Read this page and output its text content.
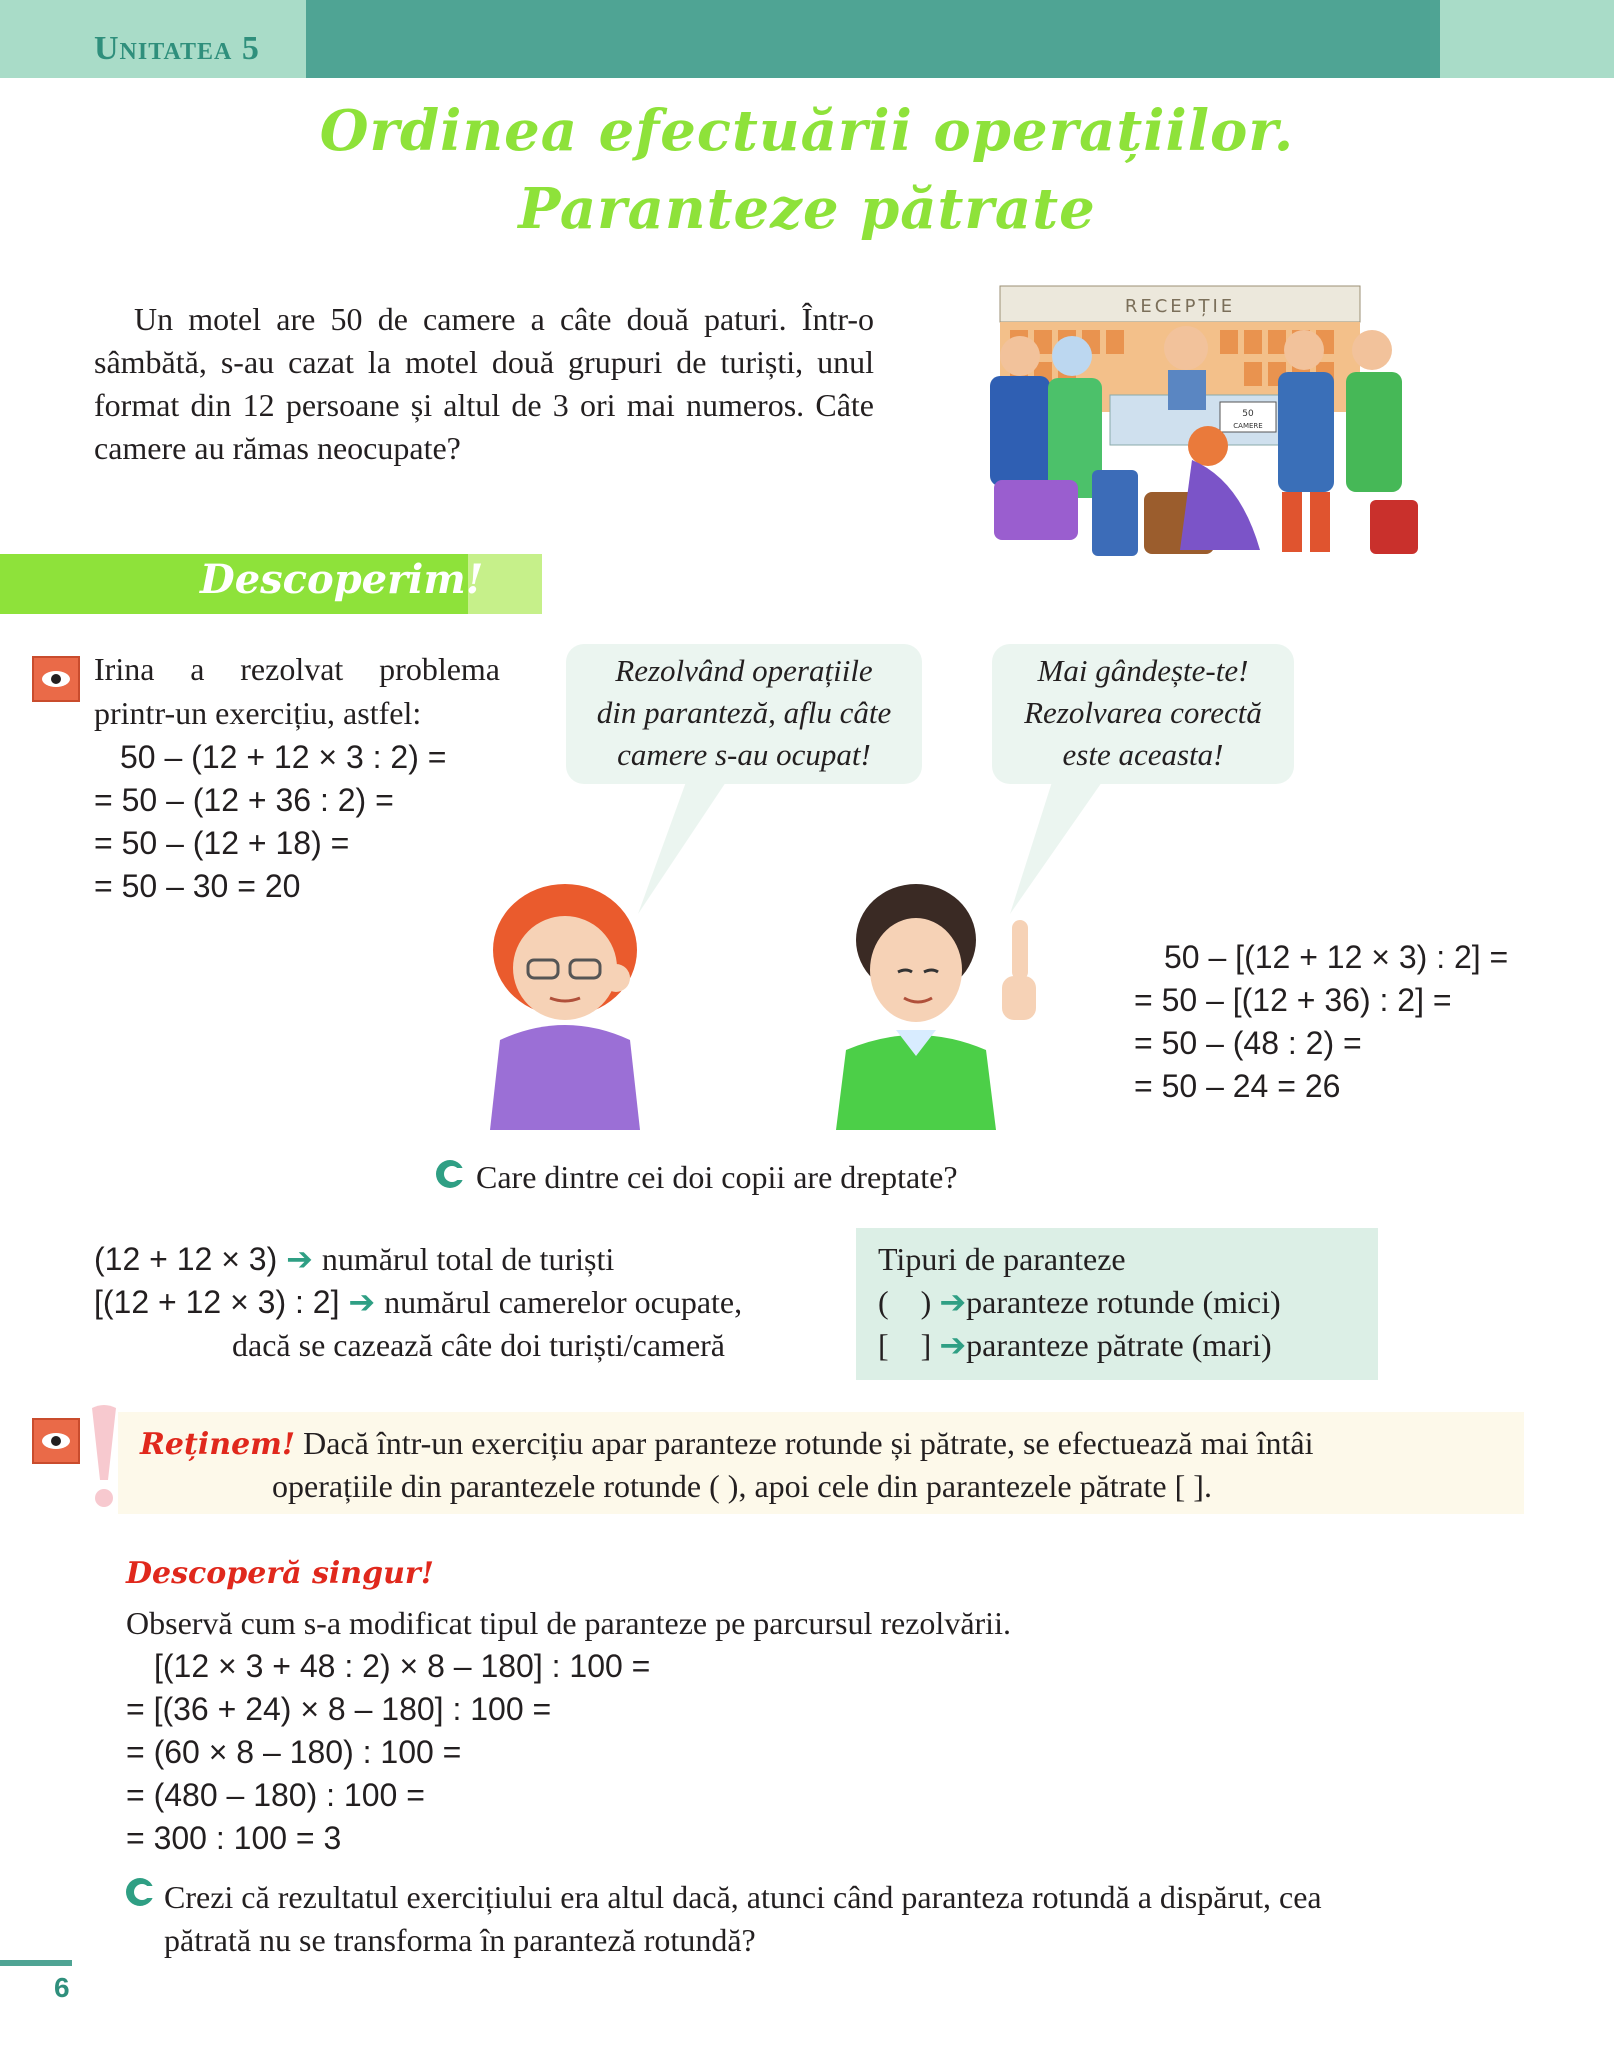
Unitatea 5
Ordinea efectuării operațiilor.
Paranteze pătrate

Un motel are 50 de camere a câte două paturi. Într-o sâmbătă, s-au cazat la motel două grupuri de turiști, unul format din 12 persoane și altul de 3 ori mai numeros. Câte camere au rămas neocupate?

RECEPȚIE
50
CAMERE
Descoperim!
Irina a rezolvat problema
printr-un exercițiu, astfel:
50 – (12 + 12 × 3 : 2) =
= 50 – (12 + 36 : 2) =
= 50 – (12 + 18) =
= 50 – 30 = 20
Rezolvând operațiile
din paranteză, aflu câte
camere s-au ocupat!
Mai gândește-te!
Rezolvarea corectă
este aceasta!
50 – [(12 + 12 × 3) : 2] =
= 50 – [(12 + 36) : 2] =
= 50 – (48 : 2) =
= 50 – 24 = 26
Care dintre cei doi copii are dreptate?
(12 + 12 × 3) ➔ numărul total de turiști
[(12 + 12 × 3) : 2] ➔ numărul camerelor ocupate,
dacă se cazează câte doi turiști/cameră
Tipuri de paranteze
(    ) ➔paranteze rotunde (mici)
[    ] ➔paranteze pătrate (mari)
Reținem! Dacă într-un exercițiu apar paranteze rotunde și pătrate, se efectuează mai întâi
operațiile din parantezele rotunde ( ), apoi cele din parantezele pătrate [ ].
Descoperă singur!
Observă cum s-a modificat tipul de paranteze pe parcursul rezolvării.
[(12 × 3 + 48 : 2) × 8 – 180] : 100 =
= [(36 + 24) × 8 – 180] : 100 =
= (60 × 8 – 180) : 100 =
= (480 – 180) : 100 =
= 300 : 100 = 3
Crezi că rezultatul exercițiului era altul dacă, atunci când paranteza rotundă a dispărut, cea
pătrată nu se transforma în paranteză rotundă?
6
